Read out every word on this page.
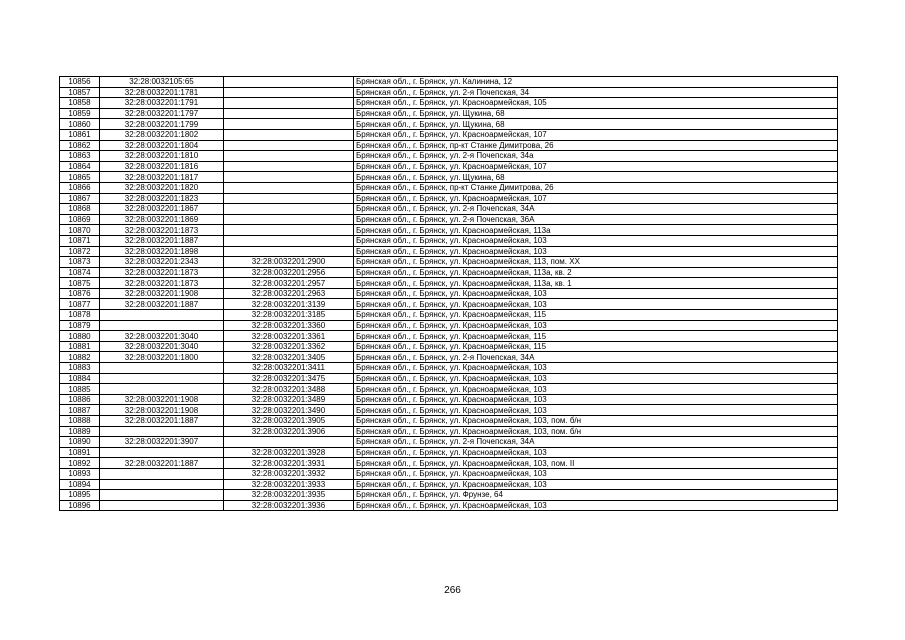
10856	32:28:0032105:65		Брянская обл., г. Брянск, ул. Калинина, 12
10857	32:28:0032201:1781		Брянская обл., г. Брянск, ул. 2-я Почепская, 34
10858	32:28:0032201:1791		Брянская обл., г. Брянск, ул. Красноармейская, 105
10859	32:28:0032201:1797		Брянская обл., г. Брянск, ул. Щукина, 68
10860	32:28:0032201:1799		Брянская обл., г. Брянск, ул. Щукина, 68
10861	32:28:0032201:1802		Брянская обл., г. Брянск, ул. Красноармейская, 107
10862	32:28:0032201:1804		Брянская обл., г. Брянск, пр-кт Станке Димитрова, 26
10863	32:28:0032201:1810		Брянская обл., г. Брянск, ул. 2-я Почепская, 34а
10864	32:28:0032201:1816		Брянская обл., г. Брянск, ул. Красноармейская, 107
10865	32:28:0032201:1817		Брянская обл., г. Брянск, ул. Щукина, 68
10866	32:28:0032201:1820		Брянская обл., г. Брянск, пр-кт Станке Димитрова, 26
10867	32:28:0032201:1823		Брянская обл., г. Брянск, ул. Красноармейская, 107
10868	32:28:0032201:1867		Брянская обл., г. Брянск, ул. 2-я Почепская, 34А
10869	32:28:0032201:1869		Брянская обл., г. Брянск, ул. 2-я Почепская, 36А
10870	32:28:0032201:1873		Брянская обл., г. Брянск, ул. Красноармейская, 113а
10871	32:28:0032201:1887		Брянская обл., г. Брянск, ул. Красноармейская, 103
10872	32:28:0032201:1898		Брянская обл., г. Брянск, ул. Красноармейская, 103
10873	32:28:0032201:2343	32:28:0032201:2900	Брянская обл., г. Брянск, ул. Красноармейская, 113, пом. XX
10874	32:28:0032201:1873	32:28:0032201:2956	Брянская обл., г. Брянск, ул. Красноармейская, 113а, кв. 2
10875	32:28:0032201:1873	32:28:0032201:2957	Брянская обл., г. Брянск, ул. Красноармейская, 113а, кв. 1
10876	32:28:0032201:1908	32:28:0032201:2963	Брянская обл., г. Брянск, ул. Красноармейская, 103
10877	32:28:0032201:1887	32:28:0032201:3139	Брянская обл., г. Брянск, ул. Красноармейская, 103
10878		32:28:0032201:3185	Брянская обл., г. Брянск, ул. Красноармейская, 115
10879		32:28:0032201:3360	Брянская обл., г. Брянск, ул. Красноармейская, 103
10880	32:28:0032201:3040	32:28:0032201:3361	Брянская обл., г. Брянск, ул. Красноармейская, 115
10881	32:28:0032201:3040	32:28:0032201:3362	Брянская обл., г. Брянск, ул. Красноармейская, 115
10882	32:28:0032201:1800	32:28:0032201:3405	Брянская обл., г. Брянск, ул. 2-я Почепская, 34А
10883		32:28:0032201:3411	Брянская обл., г. Брянск, ул. Красноармейская, 103
10884		32:28:0032201:3475	Брянская обл., г. Брянск, ул. Красноармейская, 103
10885		32:28:0032201:3488	Брянская обл., г. Брянск, ул. Красноармейская, 103
10886	32:28:0032201:1908	32:28:0032201:3489	Брянская обл., г. Брянск, ул. Красноармейская, 103
10887	32:28:0032201:1908	32:28:0032201:3490	Брянская обл., г. Брянск, ул. Красноармейская, 103
10888	32:28:0032201:1887	32:28:0032201:3905	Брянская обл., г. Брянск, ул. Красноармейская, 103, пом. б/н
10889		32:28:0032201:3906	Брянская обл., г. Брянск, ул. Красноармейская, 103, пом. б/н
10890	32:28:0032201:3907		Брянская обл., г. Брянск, ул. 2-я Почепская, 34А
10891		32:28:0032201:3928	Брянская обл., г. Брянск, ул. Красноармейская, 103
10892	32:28:0032201:1887	32:28:0032201:3931	Брянская обл., г. Брянск, ул. Красноармейская, 103, пом. II
10893		32:28:0032201:3932	Брянская обл., г. Брянск, ул. Красноармейская, 103
10894		32:28:0032201:3933	Брянская обл., г. Брянск, ул. Красноармейская, 103
10895		32:28:0032201:3935	Брянская обл., г. Брянск, ул. Фрунзе, 64
10896		32:28:0032201:3936	Брянская обл., г. Брянск, ул. Красноармейская, 103
266
